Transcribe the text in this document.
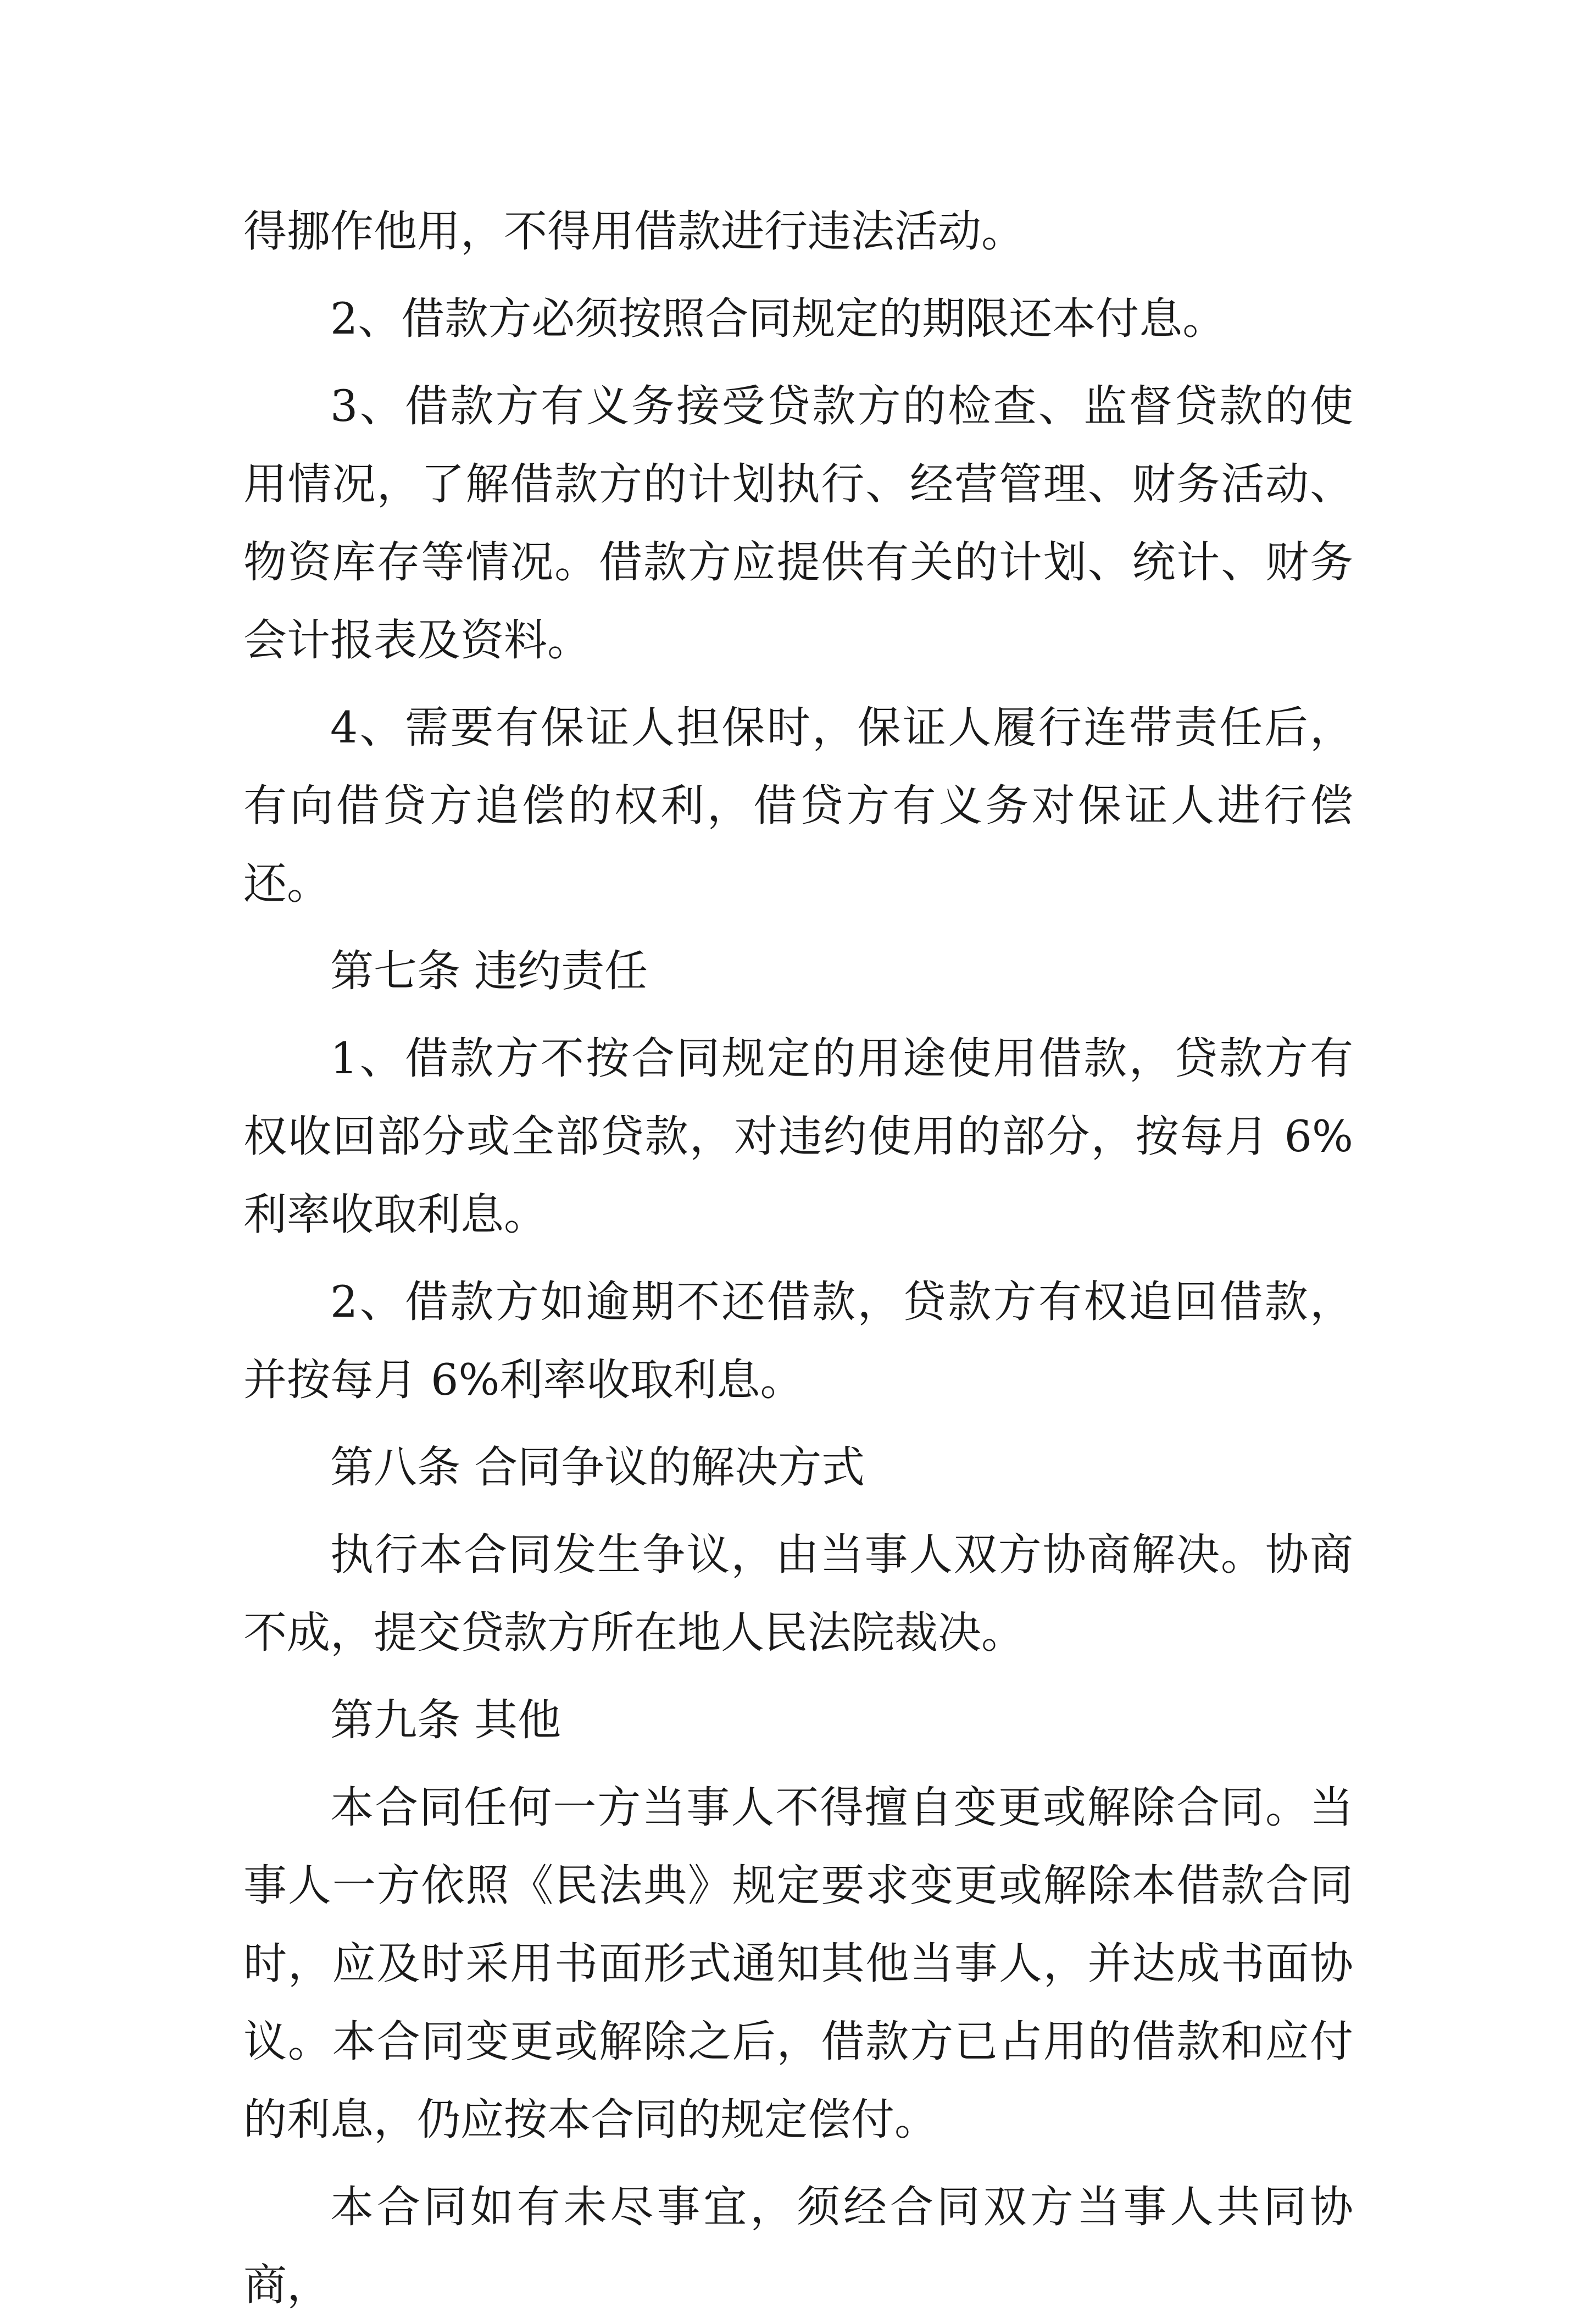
得挪作他用，不得用借款进行违法活动。

2、借款方必须按照合同规定的期限还本付息。

3、借款方有义务接受贷款方的检查、监督贷款的使用情况，了解借款方的计划执行、经营管理、财务活动、物资库存等情况。借款方应提供有关的计划、统计、财务会计报表及资料。

4、需要有保证人担保时，保证人履行连带责任后，有向借贷方追偿的权利，借贷方有义务对保证人进行偿还。

第七条 违约责任

1、借款方不按合同规定的用途使用借款，贷款方有权收回部分或全部贷款，对违约使用的部分，按每月 6%利率收取利息。

2、借款方如逾期不还借款，贷款方有权追回借款，并按每月 6%利率收取利息。

第八条 合同争议的解决方式

执行本合同发生争议，由当事人双方协商解决。协商不成，提交贷款方所在地人民法院裁决。

第九条 其他

本合同任何一方当事人不得擅自变更或解除合同。当事人一方依照《民法典》规定要求变更或解除本借款合同时，应及时采用书面形式通知其他当事人，并达成书面协议。本合同变更或解除之后，借款方已占用的借款和应付的利息，仍应按本合同的规定偿付。

本合同如有未尽事宜，须经合同双方当事人共同协商，
